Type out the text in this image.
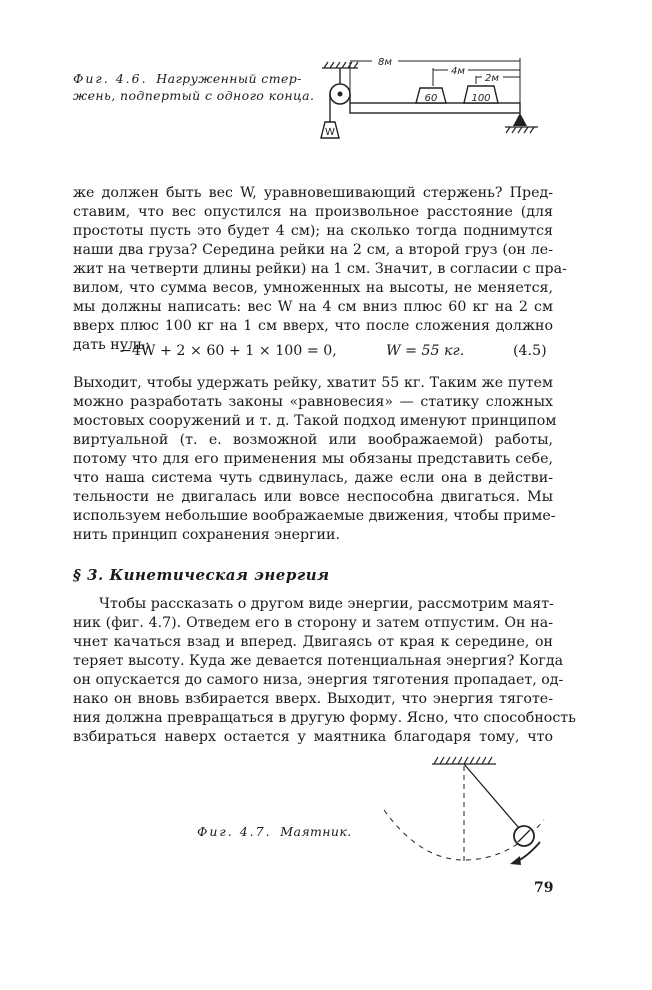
Фиг. 4.6. Нагруженный стер-
жень, подпертый с одного конца.
W
60	100
8м
4м
2м
же должен быть вес W, уравновешивающий стержень? Пред-
ставим, что вес опустился на произвольное расстояние (для
простоты пусть это будет 4 см); на сколько тогда поднимутся
наши два груза? Середина рейки на 2 см, а второй груз (он ле-
жит на четверти длины рейки) на 1 см. Значит, в согласии с пра-
вилом, что сумма весов, умноженных на высоты, не меняется,
мы должны написать: вес W на 4 см вниз плюс 60 кг на 2 см
вверх плюс 100 кг на 1 см вверх, что после сложения должно
дать нуль:
−4W + 2 × 60 + 1 × 100 = 0,	W = 55 кг.	(4.5)
Выходит, чтобы удержать рейку, хватит 55 кг. Таким же путем
можно разработать законы «равновесия» — статику сложных
мостовых сооружений и т. д. Такой подход именуют принципом
виртуальной (т. е. возможной или воображаемой) работы,
потому что для его применения мы обязаны представить себе,
что наша система чуть сдвинулась, даже если она в действи-
тельности не двигалась или вовсе неспособна двигаться. Мы
используем небольшие воображаемые движения, чтобы приме-
нить принцип сохранения энергии.
§ 3. Кинетическая энергия
Чтобы рассказать о другом виде энергии, рассмотрим маят-
ник (фиг. 4.7). Отведем его в сторону и затем отпустим. Он на-
чнет качаться взад и вперед. Двигаясь от края к середине, он
теряет высоту. Куда же девается потенциальная энергия? Когда
он опускается до самого низа, энергия тяготения пропадает, од-
нако он вновь взбирается вверх. Выходит, что энергия тяготе-
ния должна превращаться в другую форму. Ясно, что способность
взбираться наверх остается у маятника благодаря тому, что
Фиг. 4.7. Маятник.
79
